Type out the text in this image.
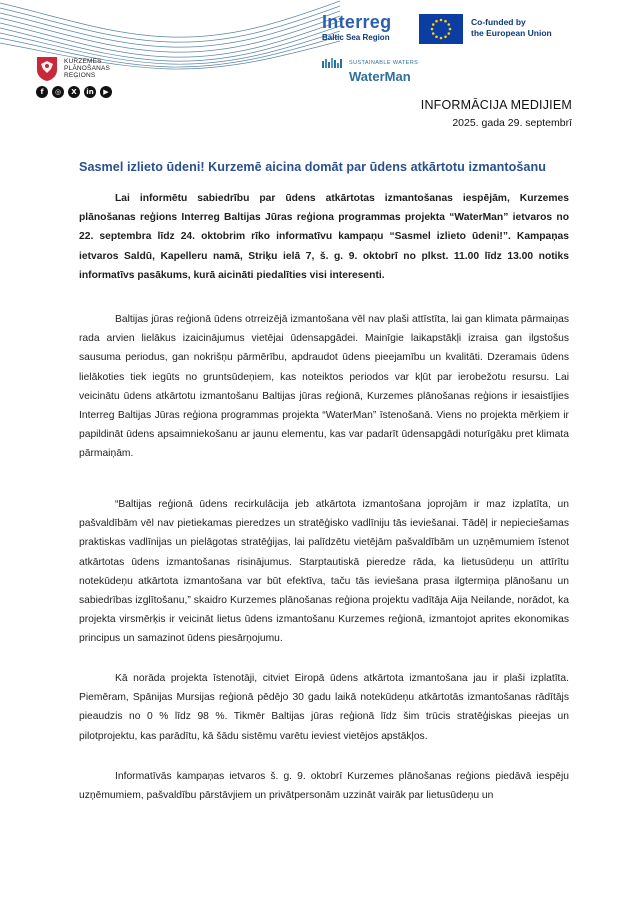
KURZEMES
PLĀNOŠANAS
REĢIONS
f	◎	X	in	▶
Interreg
Baltic Sea Region
Co-funded by
the European Union
SUSTAINABLE WATERS
WaterMan
INFORMĀCIJA MEDIJIEM
2025. gada 29. septembrī
Sasmel izlieto ūdeni! Kurzemē aicina domāt par ūdens atkārtotu izmantošanu

Lai informētu sabiedrību par ūdens atkārtotas izmantošanas iespējām, Kurzemes plānošanas reģions Interreg Baltijas Jūras reģiona programmas projekta “WaterMan” ietvaros no 22. septembra līdz 24. oktobrim rīko informatīvu kampaņu “Sasmel izlieto ūdeni!”. Kampaņas ietvaros Saldū, Kapelleru namā, Striķu ielā 7, š. g. 9. oktobrī no plkst. 11.00 līdz 13.00 notiks informatīvs pasākums, kurā aicināti piedalīties visi interesenti.

Baltijas jūras reģionā ūdens otrreizējā izmantošana vēl nav plaši attīstīta, lai gan klimata pārmaiņas rada arvien lielākus izaicinājumus vietējai ūdensapgādei. Mainīgie laikapstākļi izraisa gan ilgstošus sausuma periodus, gan nokrišņu pārmērību, apdraudot ūdens pieejamību un kvalitāti. Dzeramais ūdens lielākoties tiek iegūts no gruntsūdeņiem, kas noteiktos periodos var kļūt par ierobežotu resursu. Lai veicinātu ūdens atkārtotu izmantošanu Baltijas jūras reģionā, Kurzemes plānošanas reģions ir iesaistījies Interreg Baltijas Jūras reģiona programmas projekta “WaterMan” īstenošanā. Viens no projekta mērķiem ir papildināt ūdens apsaimniekošanu ar jaunu elementu, kas var padarīt ūdensapgādi noturīgāku pret klimata pārmaiņām.

“Baltijas reģionā ūdens recirkulācija jeb atkārtota izmantošana joprojām ir maz izplatīta, un pašvaldībām vēl nav pietiekamas pieredzes un stratēģisko vadlīniju tās ieviešanai. Tādēļ ir nepieciešamas praktiskas vadlīnijas un pielāgotas stratēģijas, lai palīdzētu vietējām pašvaldībām un uzņēmumiem īstenot atkārtotas ūdens izmantošanas risinājumus. Starptautiskā pieredze rāda, ka lietusūdeņu un attīrītu notekūdeņu atkārtota izmantošana var būt efektīva, taču tās ieviešana prasa ilgtermiņa plānošanu un sabiedrības izglītošanu,” skaidro Kurzemes plānošanas reģiona projektu vadītāja Aija Neilande, norādot, ka projekta virsmērķis ir veicināt lietus ūdens izmantošanu Kurzemes reģionā, izmantojot aprites ekonomikas principus un samazinot ūdens piesārņojumu.

Kā norāda projekta īstenotāji, citviet Eiropā ūdens atkārtota izmantošana jau ir plaši izplatīta. Piemēram, Spānijas Mursijas reģionā pēdējo 30 gadu laikā notekūdeņu atkārtotās izmantošanas rādītājs pieaudzis no 0 % līdz 98 %. Tikmēr Baltijas jūras reģionā līdz šim trūcis stratēģiskas pieejas un pilotprojektu, kas parādītu, kā šādu sistēmu varētu ieviest vietējos apstākļos.

Informatīvās kampaņas ietvaros š. g. 9. oktobrī Kurzemes plānošanas reģions piedāvā iespēju uzņēmumiem, pašvaldību pārstāvjiem un privātpersonām uzzināt vairāk par lietusūdeņu un
